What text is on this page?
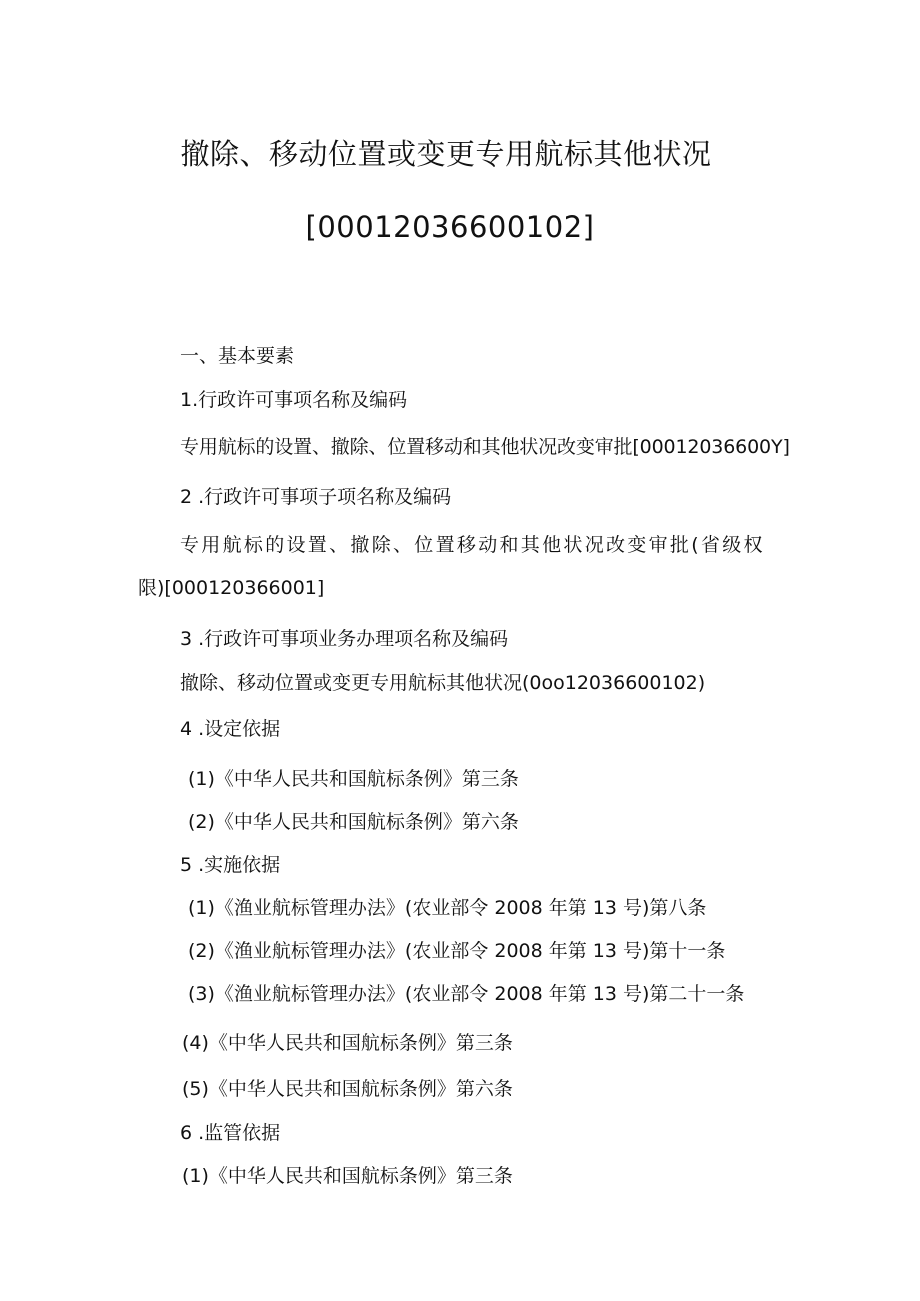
撤除、移动位置或变更专用航标其他状况
[00012036600102]

一、基本要素

1.行政许可事项名称及编码

专用航标的设置、撤除、位置移动和其他状况改变审批[00012036600Y]

2 .行政许可事项子项名称及编码

专用航标的设置、撤除、位置移动和其他状况改变审批(省级权
限)[000120366001]

3 .行政许可事项业务办理项名称及编码

撤除、移动位置或变更专用航标其他状况(0oo12036600102)

4 .设定依据

(1)《中华人民共和国航标条例》第三条

(2)《中华人民共和国航标条例》第六条

5 .实施依据

(1)《渔业航标管理办法》(农业部令 2008 年第 13 号)第八条

(2)《渔业航标管理办法》(农业部令 2008 年第 13 号)第十一条

(3)《渔业航标管理办法》(农业部令 2008 年第 13 号)第二十一条

(4)《中华人民共和国航标条例》第三条

(5)《中华人民共和国航标条例》第六条

6 .监管依据

(1)《中华人民共和国航标条例》第三条
